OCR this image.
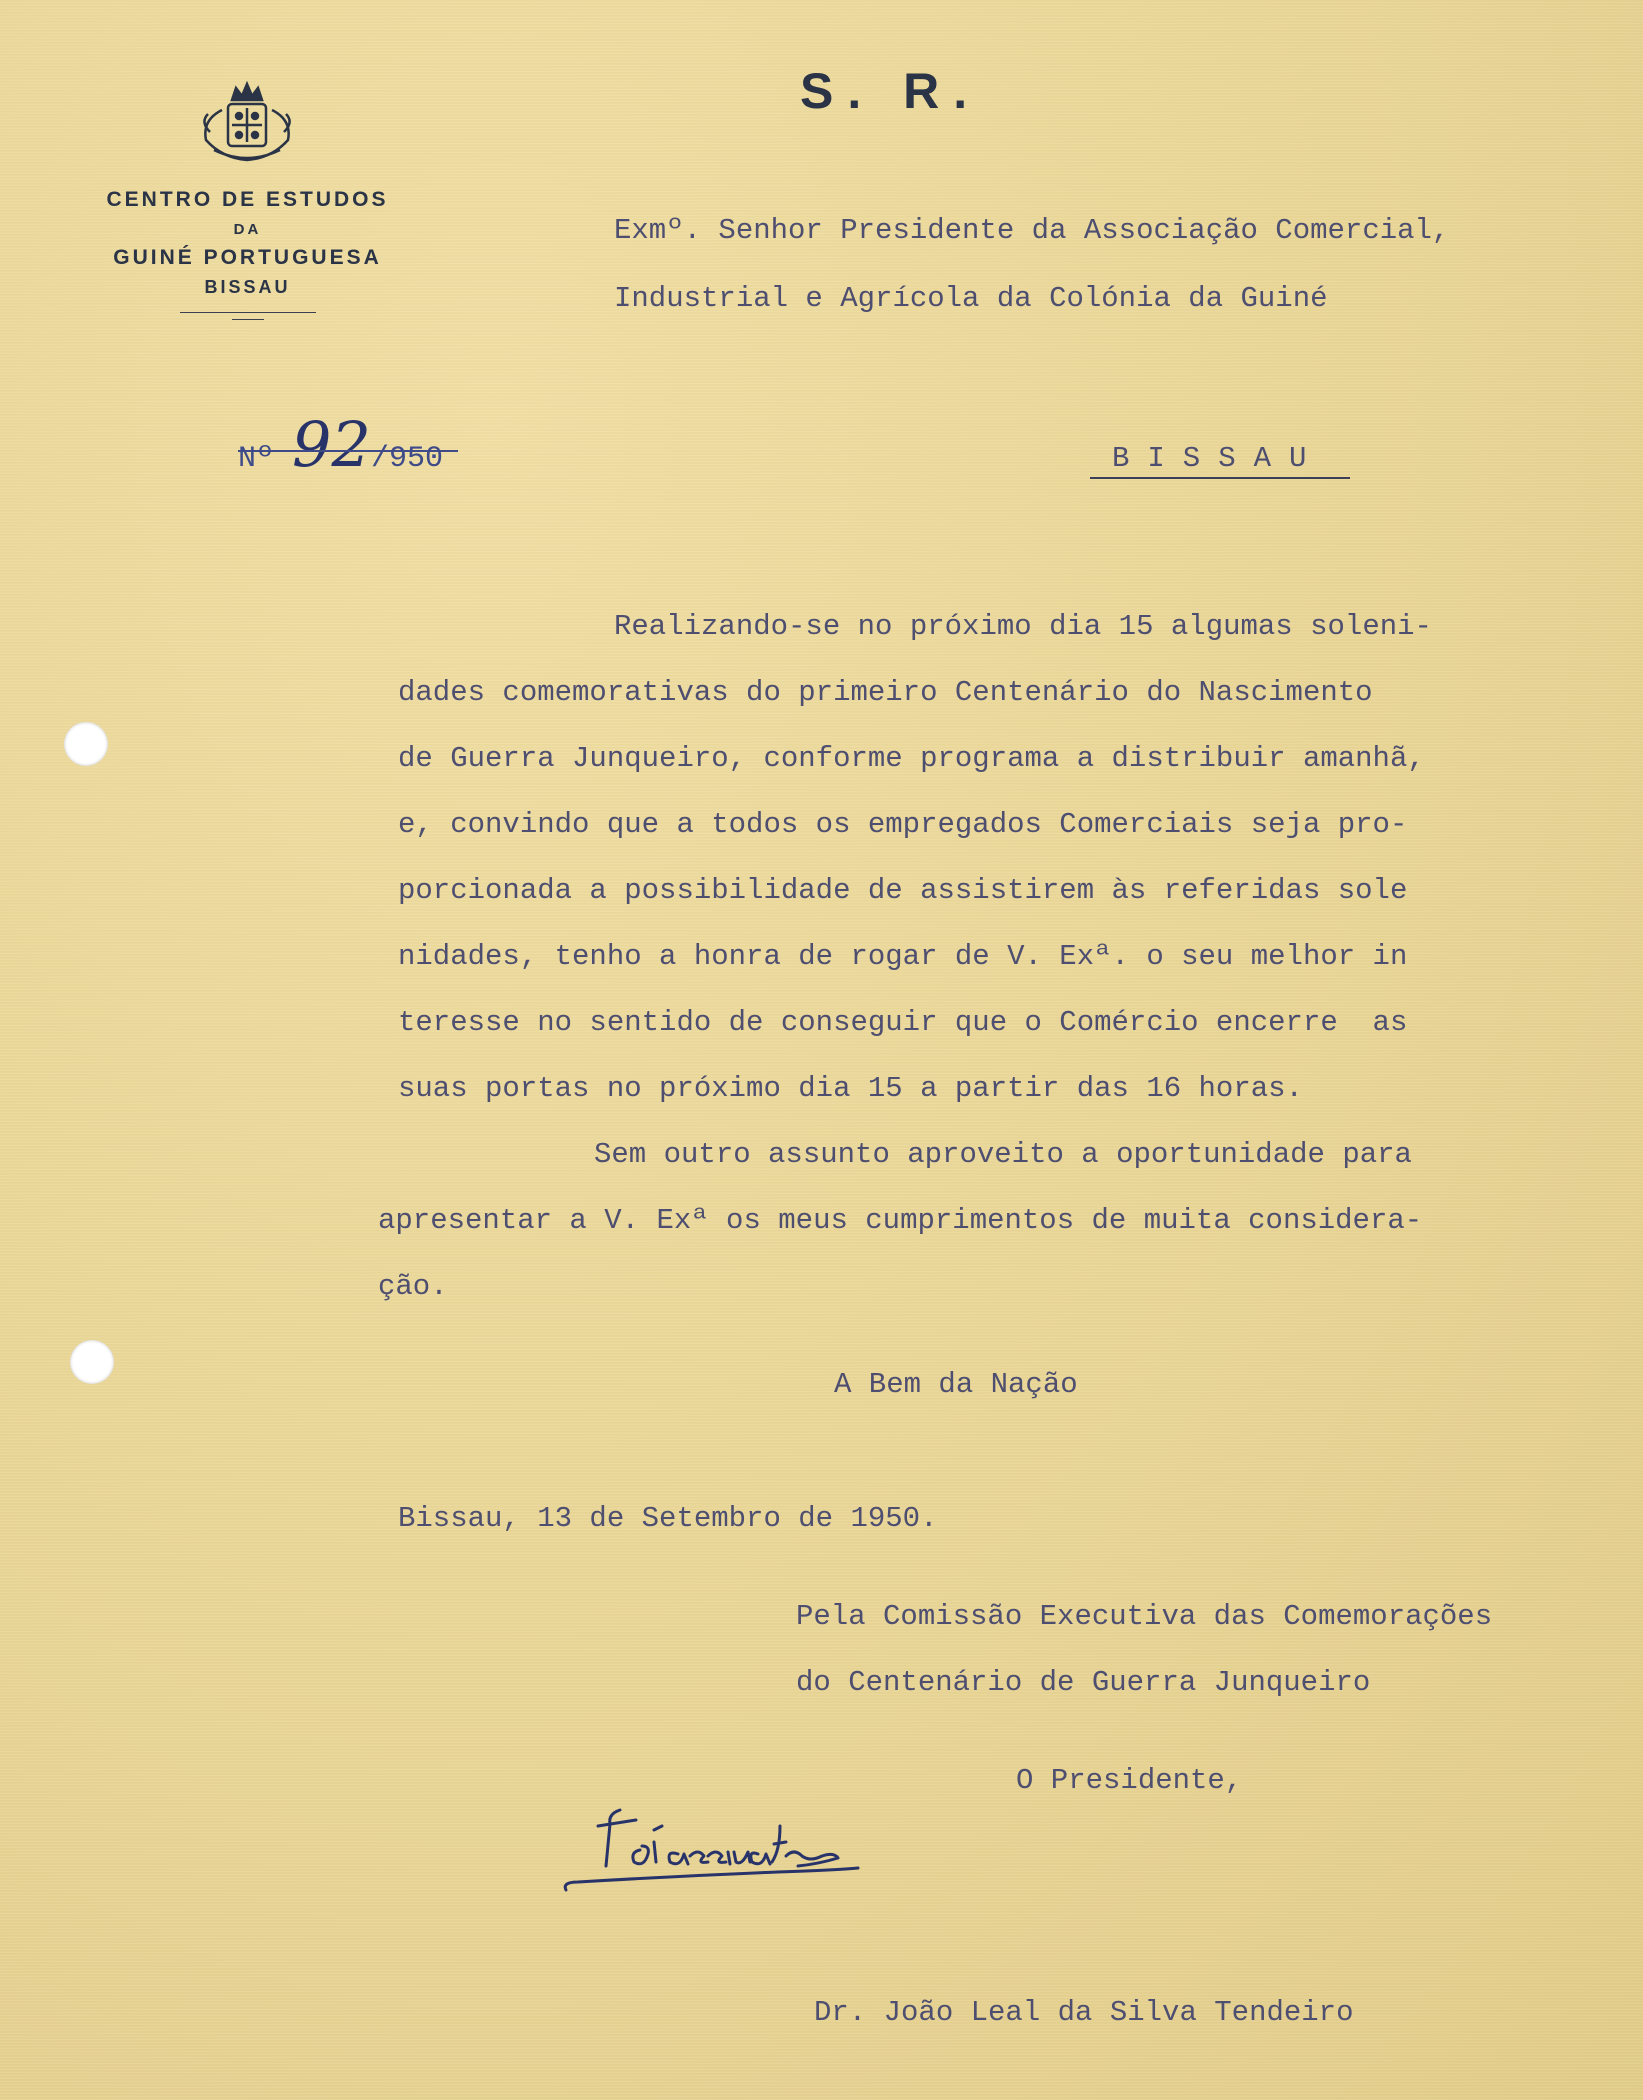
CENTRO DE ESTUDOS

DA

GUINÉ PORTUGUESA

BISSAU

S. R.

Exmº. Senhor Presidente da Associação Comercial,

Industrial e Agrícola da Colónia da Guiné

Nº 92/950	BISSAU

Realizando-se no próximo dia 15 algumas soleni-

dades comemorativas do primeiro Centenário do Nascimento

de Guerra Junqueiro, conforme programa a distribuir amanhã,

e, convindo que a todos os empregados Comerciais seja pro-

porcionada a possibilidade de assistirem às referidas sole

nidades, tenho a honra de rogar de V. Exª. o seu melhor in

teresse no sentido de conseguir que o Comércio encerre  as

suas portas no próximo dia 15 a partir das 16 horas.

Sem outro assunto aproveito a oportunidade para

apresentar a V. Exª os meus cumprimentos de muita considera-

ção.

A Bem da Nação

Bissau, 13 de Setembro de 1950.

Pela Comissão Executiva das Comemorações

do Centenário de Guerra Junqueiro

O Presidente,

Dr. João Leal da Silva Tendeiro
